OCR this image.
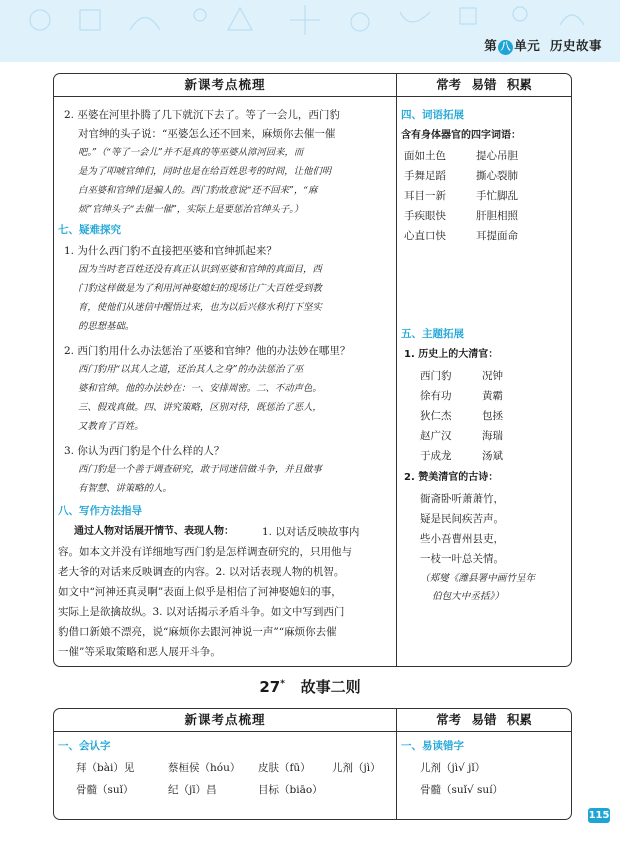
第 八 单元 历史故事
新课考点梳理	常考 易错 积累
2. 巫婆在河里扑腾了几下就沉下去了。等了一会儿，西门豹
对官绅的头子说：“巫婆怎么还不回来，麻烦你去催一催
吧。”（“等了一会儿”并不是真的等巫婆从漳河回来，而
是为了叩唬官绅们，同时也是在给百姓思考的时间，让他们明
白巫婆和官绅们是骗人的。西门豹故意说“还不回来”，“麻
烦”官绅头子“去催一催”，实际上是要惩治官绅头子。）
七、疑难探究
1. 为什么西门豹不直接把巫婆和官绅抓起来？
因为当时老百姓还没有真正认识到巫婆和官绅的真面目，西
门豹这样做是为了利用河神娶媳妇的现场让广大百姓受到教
育，使他们从迷信中醒悟过来，也为以后兴修水利打下坚实
的思想基础。
2. 西门豹用什么办法惩治了巫婆和官绅？他的办法妙在哪里？
西门豹用“以其人之道，还治其人之身”的办法惩治了巫
婆和官绅。他的办法妙在：一、安排周密。二、不动声色。
三、假戏真做。四、讲究策略，区别对待，既惩治了恶人，
又教育了百姓。
3. 你认为西门豹是个什么样的人？
西门豹是一个善于调查研究，敢于同迷信做斗争，并且做事
有智慧、讲策略的人。
八、写作方法指导
通过人物对话展开情节、表现人物：	1. 以对话反映故事内
容。如本文并没有详细地写西门豹是怎样调查研究的，只用他与
老大爷的对话来反映调查的内容。2. 以对话表现人物的机智。
如文中“河神还真灵啊”表面上似乎是相信了河神娶媳妇的事，
实际上是欲擒故纵。3. 以对话揭示矛盾斗争。如文中写到西门
豹借口新娘不漂亮，说“麻烦你去跟河神说一声”“麻烦你去催
一催”等采取策略和恶人展开斗争。
四、词语拓展
含有身体器官的四字词语：
面如土色	提心吊胆
手舞足蹈	撕心裂肺
耳目一新	手忙脚乱
手疾眼快	肝胆相照
心直口快	耳提面命
五、主题拓展
1. 历史上的大清官：
西门豹	况钟
徐有功	黄霸
狄仁杰	包拯
赵广汉	海瑞
于成龙	汤斌
2. 赞美清官的古诗：
衙斋卧听萧萧竹，
疑是民间疾苦声。
些小吾曹州县吏，
一枝一叶总关情。
（郑燮《潍县署中画竹呈年
伯包大中丞括》）
27* 故事二则
新课考点梳理	常考 易错 积累
一、会认字
拜（bài）见	蔡桓侯（hóu） 皮肤（fū） 儿剂（jì）
骨髓（suǐ）	纪（jī）昌	目标（biāo）
一、易读错字
儿剂（jì√ jǐ）
骨髓（suǐ√ suí）
115
